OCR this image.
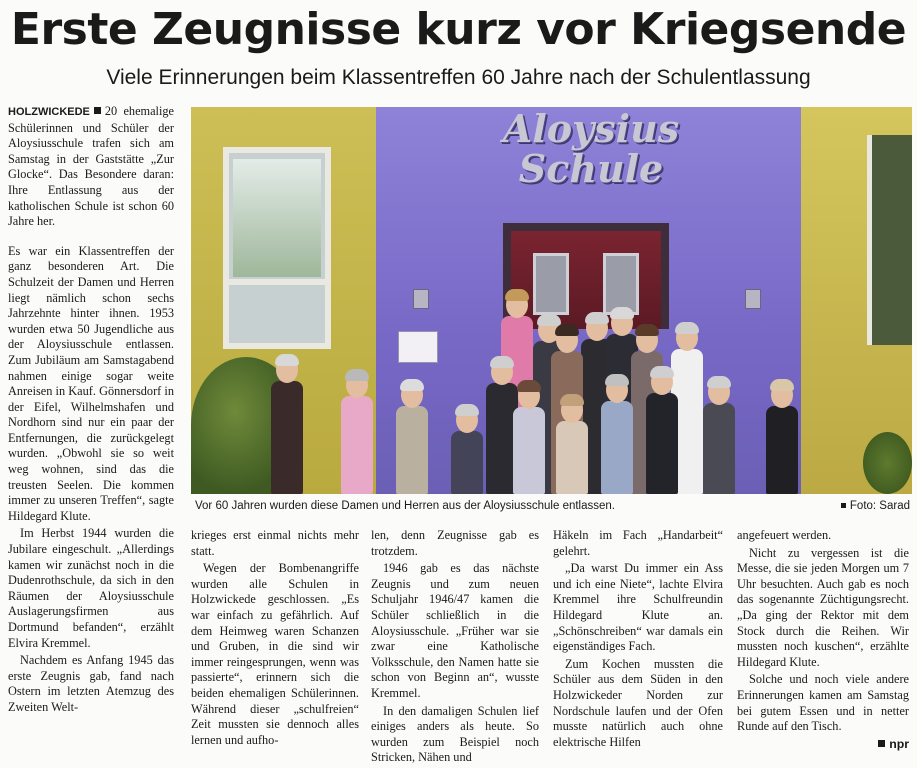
Erste Zeugnisse kurz vor Kriegsende
Viele Erinnerungen beim Klassentreffen 60 Jahre nach der Schulentlassung

HOLZWICKEDE 20 ehemalige Schülerinnen und Schüler der Aloysiusschule trafen sich am Samstag in der Gaststätte „Zur Glocke“. Das Besondere daran: Ihre Entlassung aus der katholischen Schule ist schon 60 Jahre her.

Es war ein Klassentreffen der ganz besonderen Art. Die Schulzeit der Damen und Herren liegt nämlich schon sechs Jahrzehnte hinter ihnen. 1953 wurden etwa 50 Jugendliche aus der Aloysiusschule entlassen. Zum Jubiläum am Samstagabend nahmen einige sogar weite Anreisen in Kauf. Gönnersdorf in der Eifel, Wilhelmshafen und Nordhorn sind nur ein paar der Entfernungen, die zurückgelegt wurden. „Obwohl sie so weit weg wohnen, sind das die treusten Seelen. Die kommen immer zu unseren Treffen“, sagte Hildegard Klute.

Im Herbst 1944 wurden die Jubilare eingeschult. „Allerdings kamen wir zunächst noch in die Dudenrothschule, da sich in den Räumen der Aloysiusschule Auslagerungsfirmen aus Dortmund befanden“, erzählt Elvira Kremmel.

Nachdem es Anfang 1945 das erste Zeugnis gab, fand nach Ostern im letzten Atemzug des Zweiten Welt-

Aloysius Schule
Vor 60 Jahren wurden diese Damen und Herren aus der Aloysiusschule entlassen.	Foto: Sarad

krieges erst einmal nichts mehr statt.

Wegen der Bombenangriffe wurden alle Schulen in Holzwickede geschlossen. „Es war einfach zu gefährlich. Auf dem Heimweg waren Schanzen und Gruben, in die sind wir immer reingesprungen, wenn was passierte“, erinnern sich die beiden ehemaligen Schülerinnen. Während dieser „schulfreien“ Zeit mussten sie dennoch alles lernen und aufho-

len, denn Zeugnisse gab es trotzdem.

1946 gab es das nächste Zeugnis und zum neuen Schuljahr 1946/47 kamen die Schüler schließlich in die Aloysiusschule. „Früher war sie zwar eine Katholische Volksschule, den Namen hatte sie schon von Beginn an“, wusste Kremmel.

In den damaligen Schulen lief einiges anders als heute. So wurden zum Beispiel noch Stricken, Nähen und

Häkeln im Fach „Handarbeit“ gelehrt.

„Da warst Du immer ein Ass und ich eine Niete“, lachte Elvira Kremmel ihre Schulfreundin Hildegard Klute an. „Schönschreiben“ war damals ein eigenständiges Fach.

Zum Kochen mussten die Schüler aus dem Süden in den Holzwickeder Norden zur Nordschule laufen und der Ofen musste natürlich auch ohne elektrische Hilfen

angefeuert werden.

Nicht zu vergessen ist die Messe, die sie jeden Morgen um 7 Uhr besuchten. Auch gab es noch das sogenannte Züchtigungsrecht. „Da ging der Rektor mit dem Stock durch die Reihen. Wir mussten noch kuschen“, erzählte Hildegard Klute.

Solche und noch viele andere Erinnerungen kamen am Samstag bei gutem Essen und in netter Runde auf den Tisch.

npr
